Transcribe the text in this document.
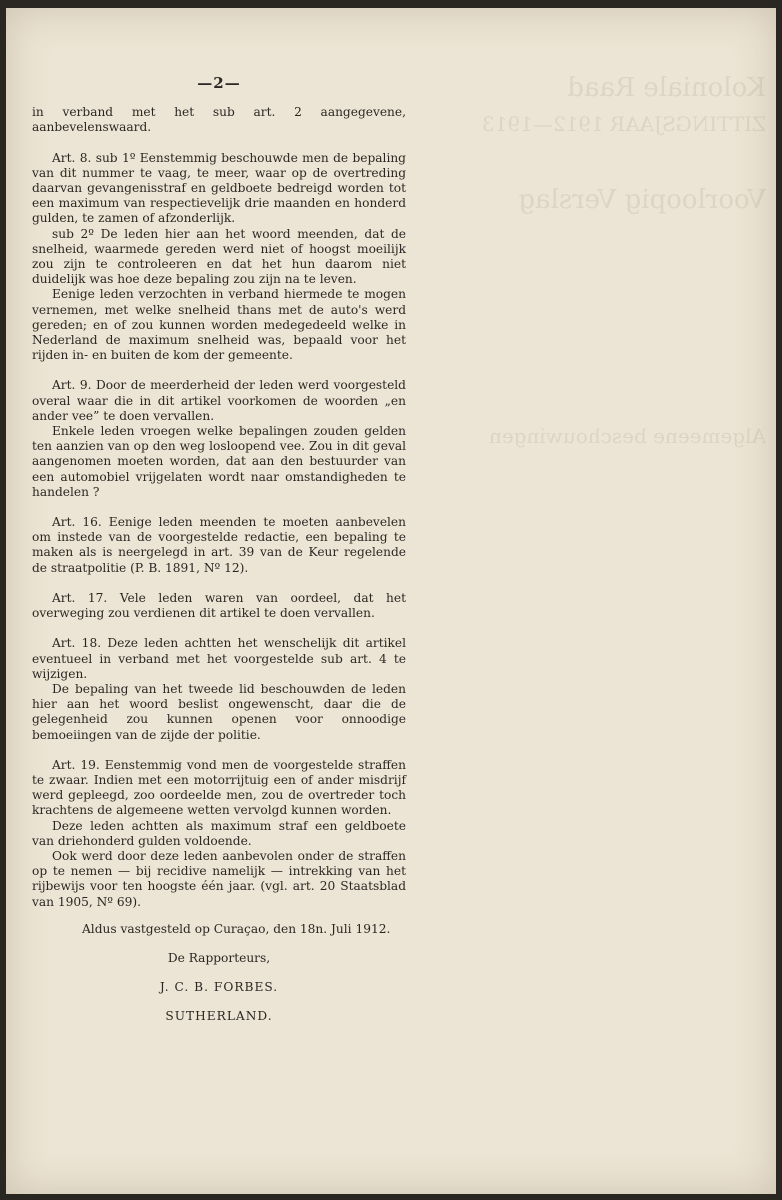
Koloniale Raad
ZITTINGSJAAR 1912—1913
Voorloopig Verslag
Algemeene beschouwingen
—2—

in verband met het sub art. 2 aangegevene, aanbevelenswaard.

Art. 8. sub 1º Eenstemmig beschouwde men de bepaling van dit nummer te vaag, te meer, waar op de overtreding daarvan gevangenisstraf en geldboete bedreigd worden tot een maximum van respectievelijk drie maanden en honderd gulden, te zamen of afzonderlijk.

sub 2º De leden hier aan het woord meenden, dat de snelheid, waarmede gereden werd niet of hoogst moeilijk zou zijn te controleeren en dat het hun daarom niet duidelijk was hoe deze bepaling zou zijn na te leven.

Eenige leden verzochten in verband hiermede te mogen vernemen, met welke snelheid thans met de auto's werd gereden; en of zou kunnen worden medegedeeld welke in Nederland de maximum snelheid was, bepaald voor het rijden in- en buiten de kom der gemeente.

Art. 9. Door de meerderheid der leden werd voorgesteld overal waar die in dit artikel voorkomen de woorden „en ander vee” te doen vervallen.

Enkele leden vroegen welke bepalingen zouden gelden ten aanzien van op den weg losloopend vee. Zou in dit geval aangenomen moeten worden, dat aan den bestuurder van een automobiel vrijgelaten wordt naar omstandigheden te handelen ?

Art. 16. Eenige leden meenden te moeten aanbevelen om instede van de voorgestelde redactie, een bepaling te maken als is neergelegd in art. 39 van de Keur regelende de straatpolitie (P. B. 1891, Nº 12).

Art. 17. Vele leden waren van oordeel, dat het overweging zou verdienen dit artikel te doen vervallen.

Art. 18. Deze leden achtten het wenschelijk dit artikel eventueel in verband met het voorgestelde sub art. 4 te wijzigen.

De bepaling van het tweede lid beschouwden de leden hier aan het woord beslist ongewenscht, daar die de gelegenheid zou kunnen openen voor onnoodige bemoeiingen van de zijde der politie.

Art. 19. Eenstemmig vond men de voorgestelde straffen te zwaar. Indien met een motorrijtuig een of ander misdrijf werd gepleegd, zoo oordeelde men, zou de overtreder toch krachtens de algemeene wetten vervolgd kunnen worden.

Deze leden achtten als maximum straf een geldboete van driehonderd gulden voldoende.

Ook werd door deze leden aanbevolen onder de straffen op te nemen — bij recidive namelijk — intrekking van het rijbewijs voor ten hoogste één jaar. (vgl. art. 20 Staatsblad van 1905, Nº 69).

Aldus vastgesteld op Curaçao, den 18n. Juli 1912.
De Rapporteurs,
J. C. B. FORBES.
SUTHERLAND.
